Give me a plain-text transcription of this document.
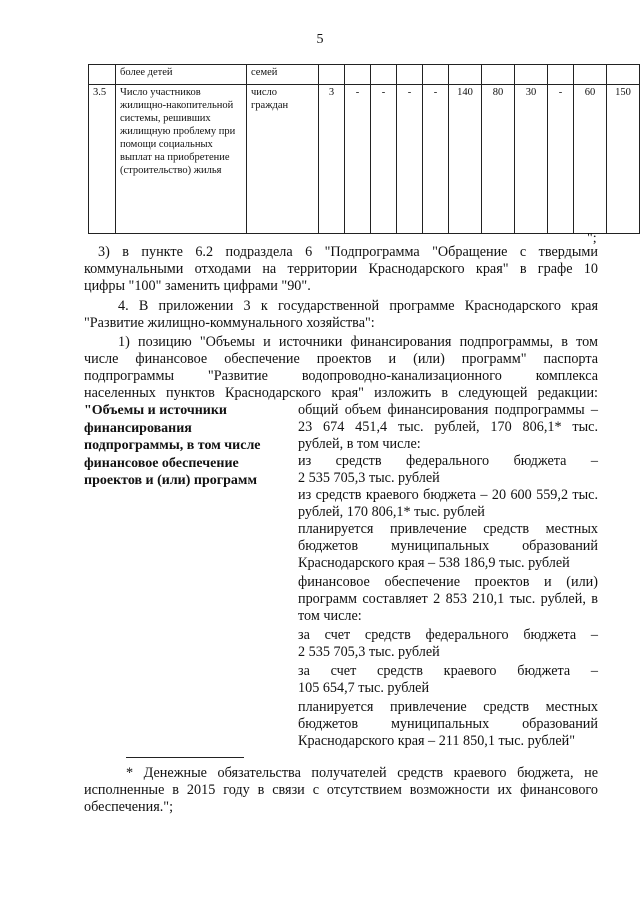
5
	более детей	семей											
3.5	Число участников жилищно-накопительной системы, решивших жилищную проблему при помощи социальных выплат на приобретение (строительство) жилья	число граждан	3	-	-	-	-	140	80	30	-	60	150
";
3) в пункте 6.2 подраздела 6 "Подпрограмма "Обращение с твердыми
коммунальными отходами на территории Краснодарского края" в графе 10
цифры "100" заменить цифрами "90".
4. В приложении 3 к государственной программе Краснодарского края
"Развитие жилищно-коммунального хозяйства":
1) позицию "Объемы и источники финансирования подпрограммы, в том
числе финансовое обеспечение проектов и (или) программ" паспорта
подпрограммы "Развитие водопроводно-канализационного комплекса
населенных пунктов Краснодарского края" изложить в следующей редакции:
"Объемы и источники финансирования подпрограммы, в том числе финансовое обеспечение проектов и (или) программ
общий объем финансирования подпрограммы –
23 674 451,4 тыс. рублей, 170 806,1* тыс.
рублей, в том числе:
из средств федерального бюджета –
2 535 705,3 тыс. рублей
из средств краевого бюджета – 20 600 559,2 тыс.
рублей, 170 806,1* тыс. рублей
планируется привлечение средств местных
бюджетов муниципальных образований
Краснодарского края – 538 186,9 тыс. рублей
финансовое обеспечение проектов и (или)
программ составляет 2 853 210,1 тыс. рублей, в
том числе:
за счет средств федерального бюджета –
2 535 705,3 тыс. рублей
за счет средств краевого бюджета –
105 654,7 тыс. рублей
планируется привлечение средств местных
бюджетов муниципальных образований
Краснодарского края – 211 850,1 тыс. рублей"
* Денежные обязательства получателей средств краевого бюджета, не
исполненные в 2015 году в связи с отсутствием возможности их финансового
обеспечения.";
